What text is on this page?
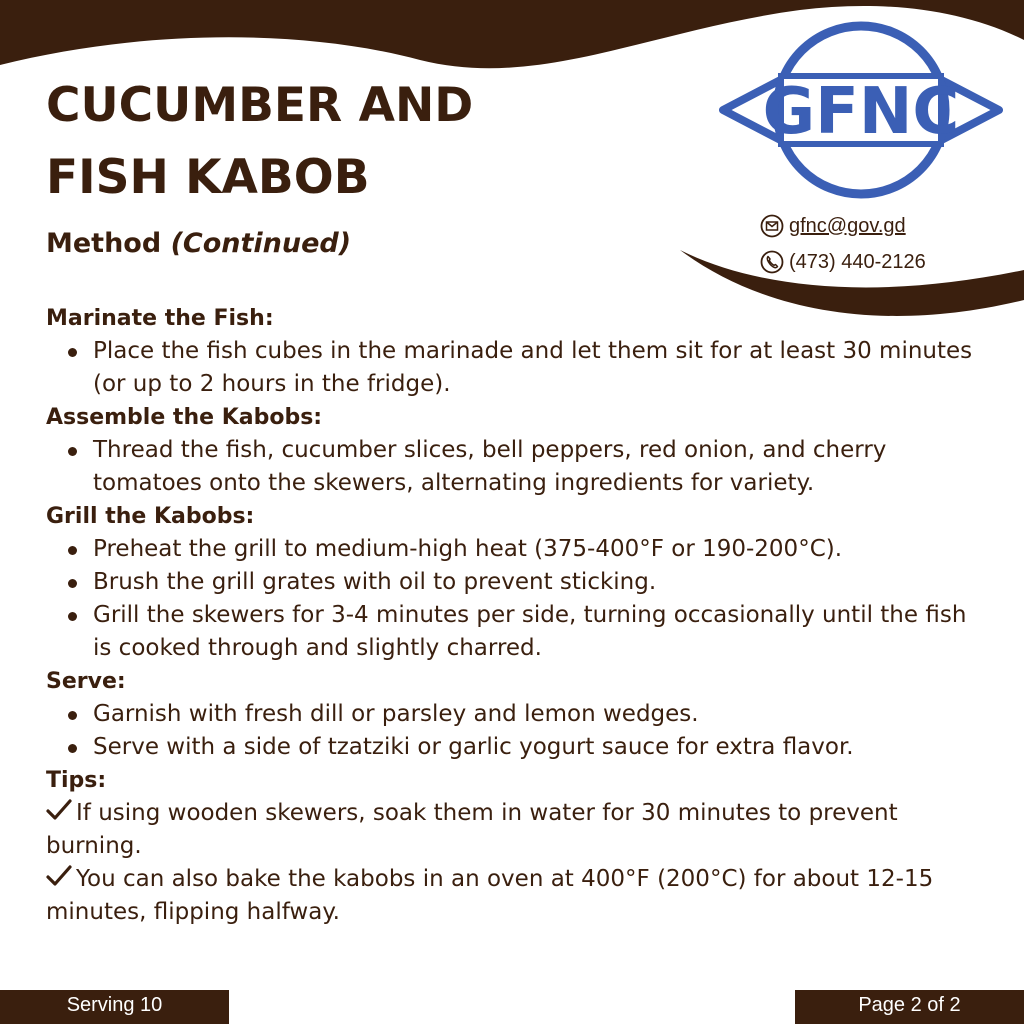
CUCUMBER AND
FISH KABOB
Method (Continued)
GFNC
gfnc@gov.gd
(473) 440-2126

Marinate the Fish:

Place the fish cubes in the marinade and let them sit for at least 30 minutes (or up to 2 hours in the fridge).

Assemble the Kabobs:

Thread the fish, cucumber slices, bell peppers, red onion, and cherry tomatoes onto the skewers, alternating ingredients for variety.

Grill the Kabobs:

Preheat the grill to medium-high heat (375-400°F or 190-200°C).
Brush the grill grates with oil to prevent sticking.
Grill the skewers for 3-4 minutes per side, turning occasionally until the fish is cooked through and slightly charred.

Serve:

Garnish with fresh dill or parsley and lemon wedges.
Serve with a side of tzatziki or garlic yogurt sauce for extra flavor.

Tips:

If using wooden skewers, soak them in water for 30 minutes to prevent burning.

You can also bake the kabobs in an oven at 400°F (200°C) for about 12-15 minutes, flipping halfway.

Serving 10	Page 2 of 2
